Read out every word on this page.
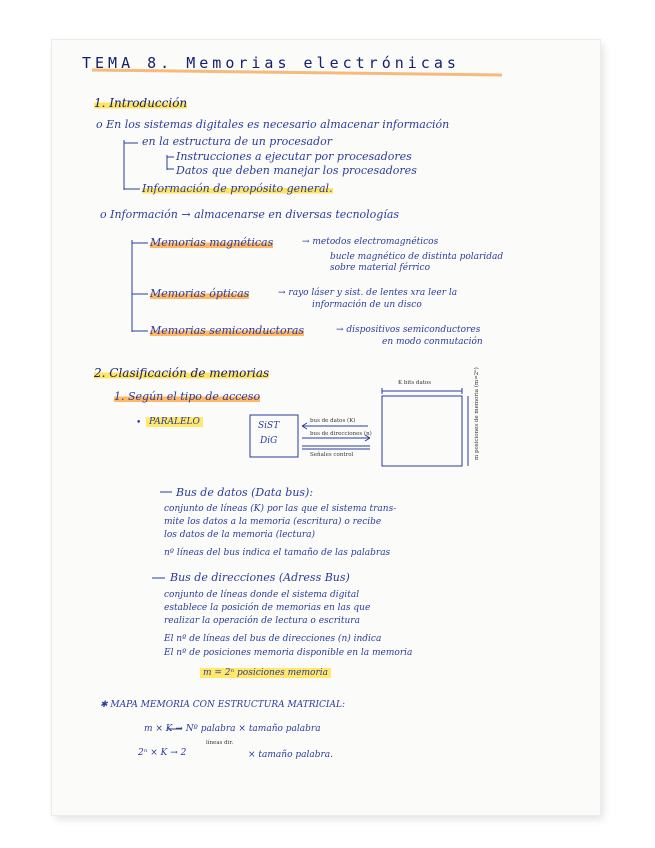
TEMA 8. Memorias electrónicas
1. Introducción
o En los sistemas digitales es necesario almacenar información
en la estructura de un procesador
Instrucciones a ejecutar por procesadores
Datos que deben manejar los procesadores
Información de propósito general.
o Información → almacenarse en diversas tecnologías
Memorias magnéticas	→ metodos electromagnéticos
bucle magnético de distinta polaridad
sobre material férrico
Memorias ópticas	→ rayo láser y sist. de lentes xra leer la
información de un disco
Memorias semiconductoras	→ dispositivos semiconductores
en modo conmutación
2. Clasificación de memorias
1. Según el tipo de acceso
• PARALELO	SiST
DiG
bus de datos (K)
bus de direcciones (n)
Señales control
K bits datos	m posiciones de memoria (m=2ⁿ)
Bus de datos (Data bus):
conjunto de líneas (K) por las que el sistema trans-
mite los datos a la memoria (escritura) o recibe
los datos de la memoria (lectura)
nº líneas del bus indica el tamaño de las palabras
Bus de direcciones (Adress Bus)
conjunto de líneas donde el sistema digital
establece la posición de memorias en las que
realizar la operación de lectura o escritura
El nº de líneas del bus de direcciones (n) indica
El nº de posiciones memoria disponible en la memoria
m = 2ⁿ posiciones memoria
✱ MAPA MEMORIA CON ESTRUCTURA MATRICIAL:
m × K → Nº palabra × tamaño palabra
2ⁿ × K → 2
líneas dir.
× tamaño palabra.
